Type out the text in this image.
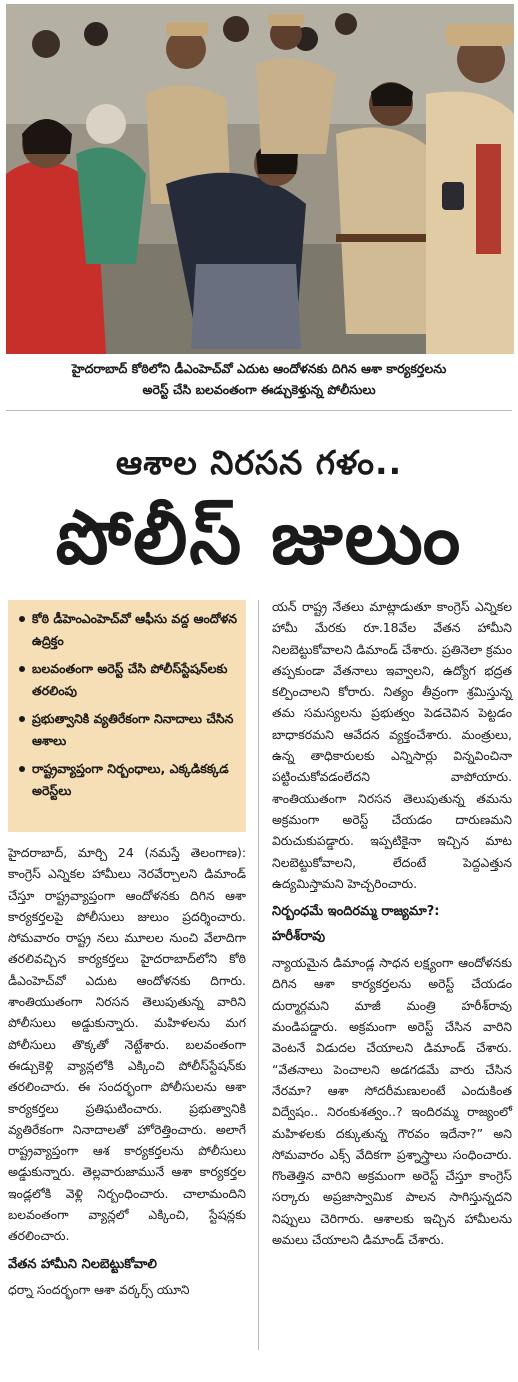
హైదరాబాద్ కోఠిలోని డీఎంహెచ్‌వో ఎదుట ఆందోళనకు దిగిన ఆశా కార్యకర్తలను
అరెస్ట్ చేసి బలవంతంగా ఈడ్చుకెళ్తున్న పోలీసులు
ఆశాల నిరసన గళం..
పోలీస్ జులుం
కోఠి డీహెంఎంహెచ్‌వో ఆఫీసు వద్ద ఆందోళన ఉద్రిక్తం
బలవంతంగా అరెస్ట్ చేసి పోలీస్‌స్టేషన్‌లకు తరలింపు
ప్రభుత్వానికి వ్యతిరేకంగా నినాదాలు చేసిన ఆశాలు
రాష్ట్రవ్యాప్తంగా నిర్బంధాలు, ఎక్కడికక్కడ అరెస్ట్‌లు

హైదరాబాద్, మార్చి 24 (నమస్తే తెలంగాణ): కాంగ్రెస్ ఎన్నికల హామీలు నెరవేర్చాలని డిమాండ్ చేస్తూ రాష్ట్రవ్యాప్తంగా ఆందోళనకు దిగిన ఆశా కార్యకర్తలపై పోలీసులు జులుం ప్రదర్శించారు. సోమవారం రాష్ట్ర నలు మూలల నుంచి వేలాదిగా తరలివచ్చిన కార్యకర్తలు హైదరాబాద్‌లోని కోఠి డీఎంహెచ్‌వో ఎదుట ఆందోళనకు దిగారు. శాంతియుతంగా నిరసన తెలుపుతున్న వారిని పోలీసులు అడ్డుకున్నారు. మహిళలను మగ పోలీసులు తొక్కతో నెట్టేశారు. బలవంతంగా ఈడ్చుకెళ్లి వ్యాన్లలోకి ఎక్కించి పోలీస్‌స్టేషన్‌కు తరలించారు. ఈ సందర్భంగా పోలీసులను ఆశా కార్యకర్తలు ప్రతిఘటించారు. ప్రభుత్వానికి వ్యతిరేకంగా నినాదాలతో హోరెత్తించారు. అలాగే రాష్ట్రవ్యాప్తంగా ఆశ కార్యకర్తలను పోలీసులు అడ్డుకున్నారు. తెల్లవారుజామునే ఆశా కార్యకర్తల ఇండ్లలోకి వెళ్లి నిర్బంధించారు. చాలామందిని బలవంతంగా వ్యాన్లలో ఎక్కించి, స్టేషన్లకు తరలించారు.

వేతన హామీని నిలబెట్టుకోవాలి

ధర్నా సందర్భంగా ఆశా వర్కర్స్ యూని

యన్ రాష్ట్ర నేతలు మాట్లాడుతూ కాంగ్రెస్ ఎన్నికల హామీ మేరకు రూ.18వేల వేతన హామీని నిలబెట్టుకోవాలని డిమాండ్ చేశారు. ప్రతినెలా క్రమం తప్పకుండా వేతనాలు ఇవ్వాలని, ఉద్యోగ భద్రత కల్పించాలని కోరారు. నిత్యం తీవ్రంగా శ్రమిస్తున్న తమ సమస్యలను ప్రభుత్వం పెడచెవిన పెట్టడం బాధాకరమని ఆవేదన వ్యక్తంచేశారు. మంత్రులు, ఉన్న తాధికారులకు ఎన్నిసార్లు విన్నవించినా పట్టించుకోవడంలేదని వాపోయారు. శాంతియుతంగా నిరసన తెలుపుతున్న తమను అక్రమంగా అరెస్ట్ చేయడం దారుణమని విరుచుకుపడ్డారు. ఇప్పటికైనా ఇచ్చిన మాట నిలబెట్టుకోవాలని, లేదంటే పెద్దఎత్తున ఉద్యమిస్తామని హెచ్చరించారు.

నిర్బంధమే ఇందిరమ్మ రాజ్యమా?:

హరీశ్‌రావు

న్యాయమైన డిమాండ్ల సాధన లక్ష్యంగా ఆందోళనకు దిగిన ఆశా కార్యకర్తలను అరెస్ట్ చేయడం దుర్మార్గమని మాజీ మంత్రి హరీశ్‌రావు మండిపడ్డారు. అక్రమంగా అరెస్ట్ చేసిన వారిని వెంటనే విడుదల చేయాలని డిమాండ్ చేశారు. “వేతనాలు పెంచాలని అడగడమే వారు చేసిన నేరమా? ఆశా సోదరీమణులంటే ఎందుకింత విద్వేషం.. నిరంకుశత్వం..? ఇందిరమ్మ రాజ్యంలో మహిళలకు దక్కుతున్న గౌరవం ఇదేనా?” అని సోమవారం ఎక్స్ వేదికగా ప్రశ్నాస్త్రాలు సంధించారు. గొంతెత్తిన వారిని అక్రమంగా అరెస్ట్ చేస్తూ కాంగ్రెస్ సర్కారు అప్రజాస్వామిక పాలన సాగిస్తున్నదని నిప్పులు చెరిగారు. ఆశాలకు ఇచ్చిన హామీలను అమలు చేయాలని డిమాండ్ చేశారు.
